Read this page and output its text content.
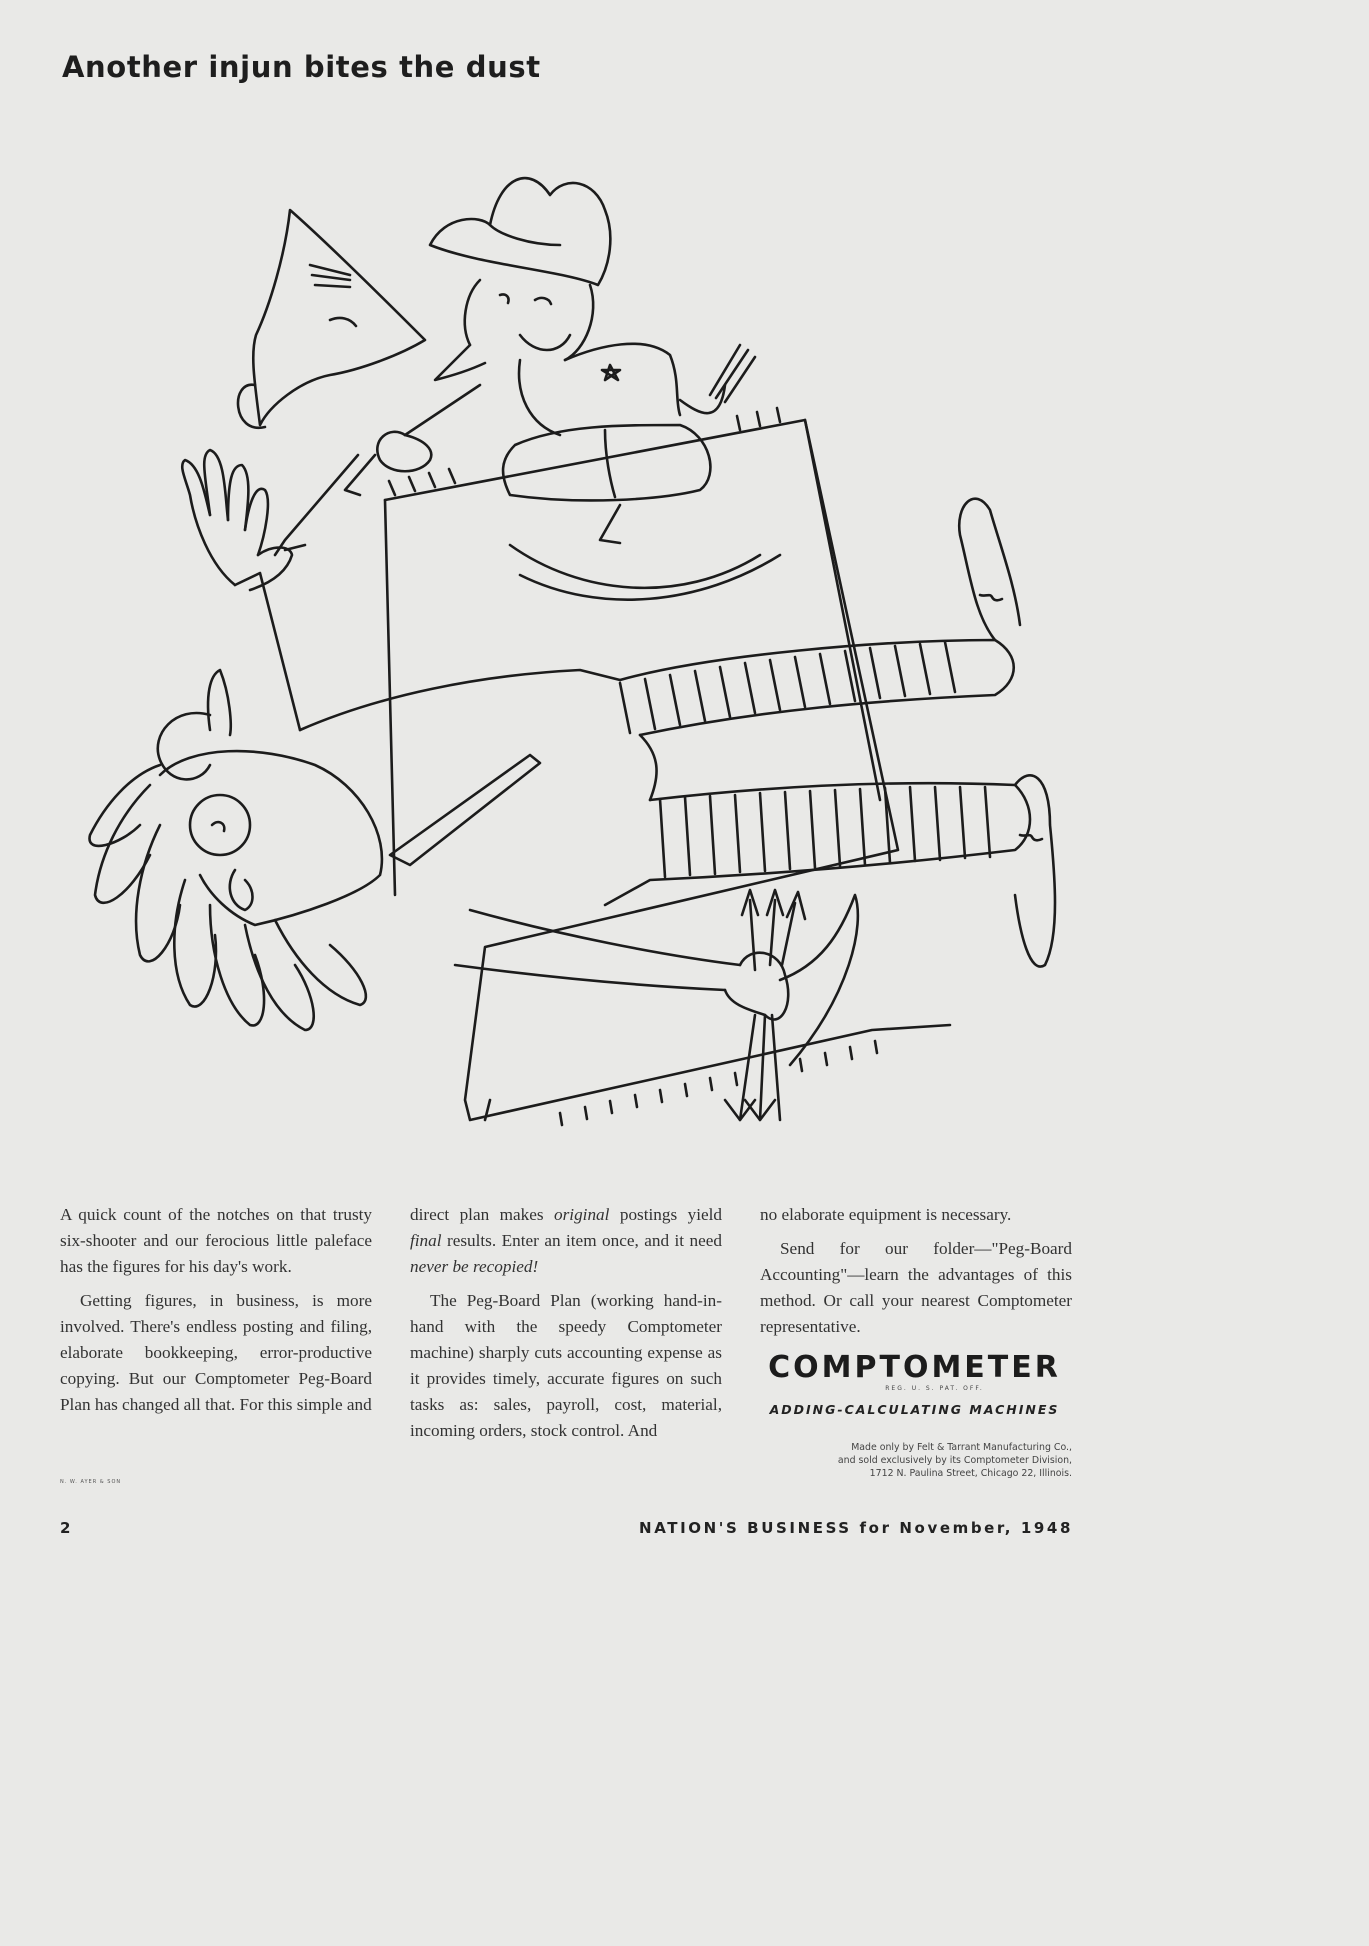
Another injun bites the dust

A quick count of the notches on that trusty six-shooter and our ferocious little paleface has the figures for his day's work.

Getting figures, in business, is more involved. There's endless posting and filing, elaborate bookkeeping, error-productive copying. But our Comptometer Peg-Board Plan has changed all that. For this simple and

direct plan makes original postings yield final results. Enter an item once, and it need never be recopied!

The Peg-Board Plan (working hand-in-hand with the speedy Comptometer machine) sharply cuts accounting expense as it provides timely, accurate figures on such tasks as: sales, payroll, cost, material, incoming orders, stock control. And

no elaborate equipment is necessary.

Send for our folder—"Peg-Board Accounting"—learn the advantages of this method. Or call your nearest Comptometer representative.

COMPTOMETER
REG. U. S. PAT. OFF.
ADDING-CALCULATING MACHINES
Made only by Felt & Tarrant Manufacturing Co.,
and sold exclusively by its Comptometer Division,
1712 N. Paulina Street, Chicago 22, Illinois.
N. W. AYER & SON
2	NATION'S BUSINESS for November, 1948
